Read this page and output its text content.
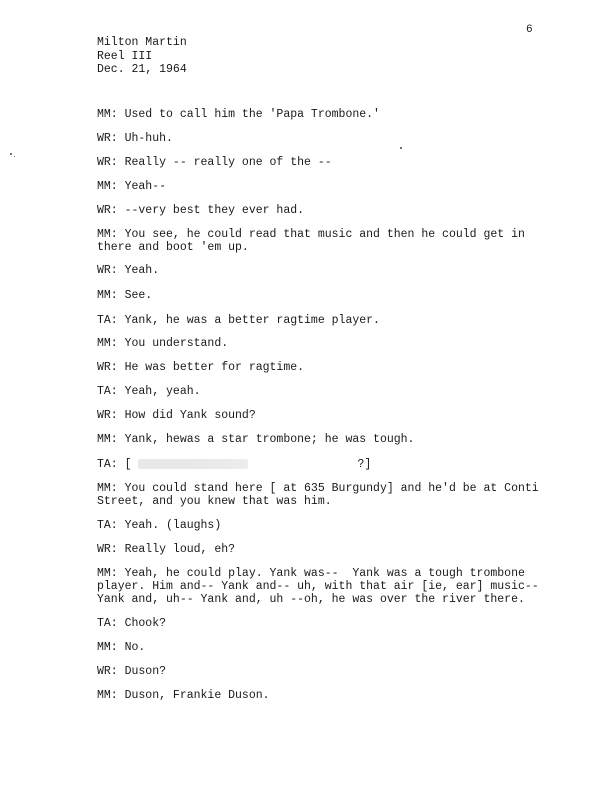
6
Milton Martin
Reel III
Dec. 21, 1964
MM: Used to call him the 'Papa Trombone.'
WR: Uh-huh.
WR: Really -- really one of the --
MM: Yeah--
WR: --very best they ever had.
MM: You see, he could read that music and then he could get in
there and boot 'em up.
WR: Yeah.
MM: See.
TA: Yank, he was a better ragtime player.
MM: You understand.
WR: He was better for ragtime.
TA: Yeah, yeah.
WR: How did Yank sound?
MM: Yank, hewas a star trombone; he was tough.
TA: [	?]
MM: You could stand here [ at 635 Burgundy] and he'd be at Conti
Street, and you knew that was him.
TA: Yeah. (laughs)
WR: Really loud, eh?
MM: Yeah, he could play. Yank was--  Yank was a tough trombone
player. Him and-- Yank and-- uh, with that air [ie, ear] music--
Yank and, uh-- Yank and, uh --oh, he was over the river there.
TA: Chook?
MM: No.
WR: Duson?
MM: Duson, Frankie Duson.
